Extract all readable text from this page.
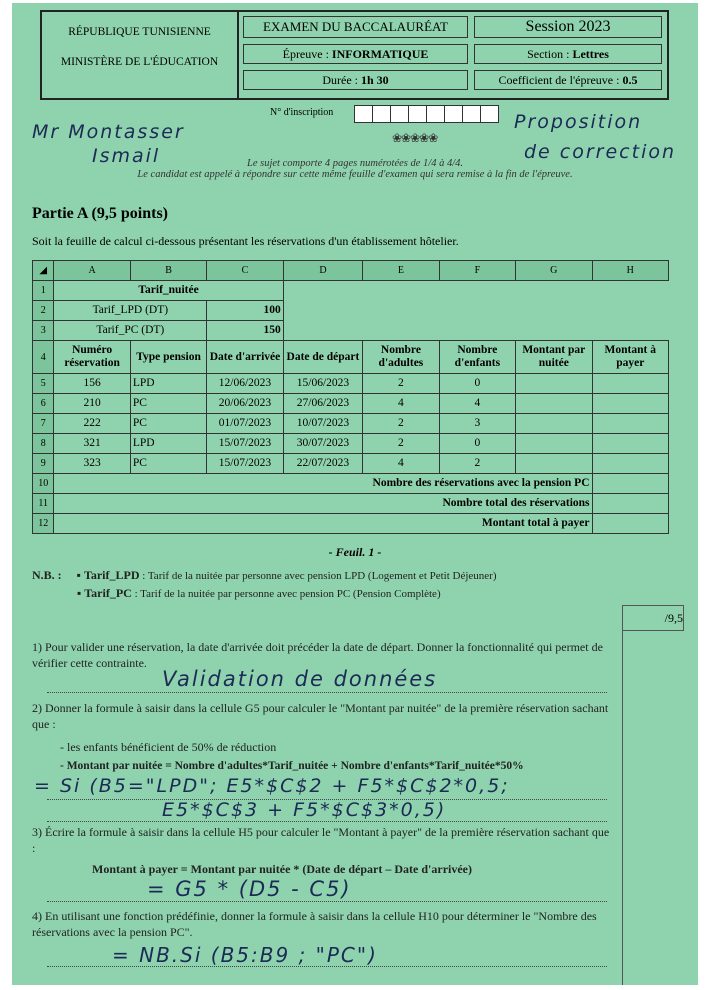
RÉPUBLIQUE TUNISIENNE
MINISTÈRE DE L'ÉDUCATION
EXAMEN DU BACCALAURÉAT	Session 2023
Épreuve : INFORMATIQUE	Section : Lettres
Durée : 1h 30	Coefficient de l'épreuve : 0.5
N° d'inscription
❀❀❀❀❀
Mr Montasser
Ismail
Proposition
de correction
Le sujet comporte 4 pages numérotées de 1/4 à 4/4.
Le candidat est appelé à répondre sur cette même feuille d'examen qui sera remise à la fin de l'épreuve.
Partie A (9,5 points)
Soit la feuille de calcul ci-dessous présentant les réservations d'un établissement hôtelier.
◢	A	B	C	D	E	F	G	H
1	Tarif_nuitée							
2	Tarif_LPD (DT)		100					
3	Tarif_PC (DT)		150					
4	Numéro réservation	Type pension	Date d'arrivée	Date de départ	Nombre d'adultes	Nombre d'enfants	Montant par nuitée	Montant à payer
5	156	LPD	12/06/2023	15/06/2023	2	0		
6	210	PC	20/06/2023	27/06/2023	4	4		
7	222	PC	01/07/2023	10/07/2023	2	3		
8	321	LPD	15/07/2023	30/07/2023	2	0		
9	323	PC	15/07/2023	22/07/2023	4	2		
10	Nombre des réservations avec la pension PC							
11	Nombre total des réservations							
12	Montant total à payer							
- Feuil. 1 -
N.B. : ▪ Tarif_LPD : Tarif de la nuitée par personne avec pension LPD (Logement et Petit Déjeuner)
▪ Tarif_PC : Tarif de la nuitée par personne avec pension PC (Pension Complète)
/9,5
1) Pour valider une réservation, la date d'arrivée doit précéder la date de départ. Donner la fonctionnalité qui permet de vérifier cette contrainte.
Validation de données
2) Donner la formule à saisir dans la cellule G5 pour calculer le "Montant par nuitée" de la première réservation sachant que :
- les enfants bénéficient de 50% de réduction
- Montant par nuitée = Nombre d'adultes*Tarif_nuitée + Nombre d'enfants*Tarif_nuitée*50%
= Si (B5="LPD"; E5*$C$2 + F5*$C$2*0,5;
E5*$C$3 + F5*$C$3*0,5)
3) Écrire la formule à saisir dans la cellule H5 pour calculer le "Montant à payer" de la première réservation sachant que :
Montant à payer = Montant par nuitée * (Date de départ – Date d'arrivée)
= G5 * (D5 - C5)
4) En utilisant une fonction prédéfinie, donner la formule à saisir dans la cellule H10 pour déterminer le "Nombre des réservations avec la pension PC".
= NB.Si (B5:B9 ; "PC")
